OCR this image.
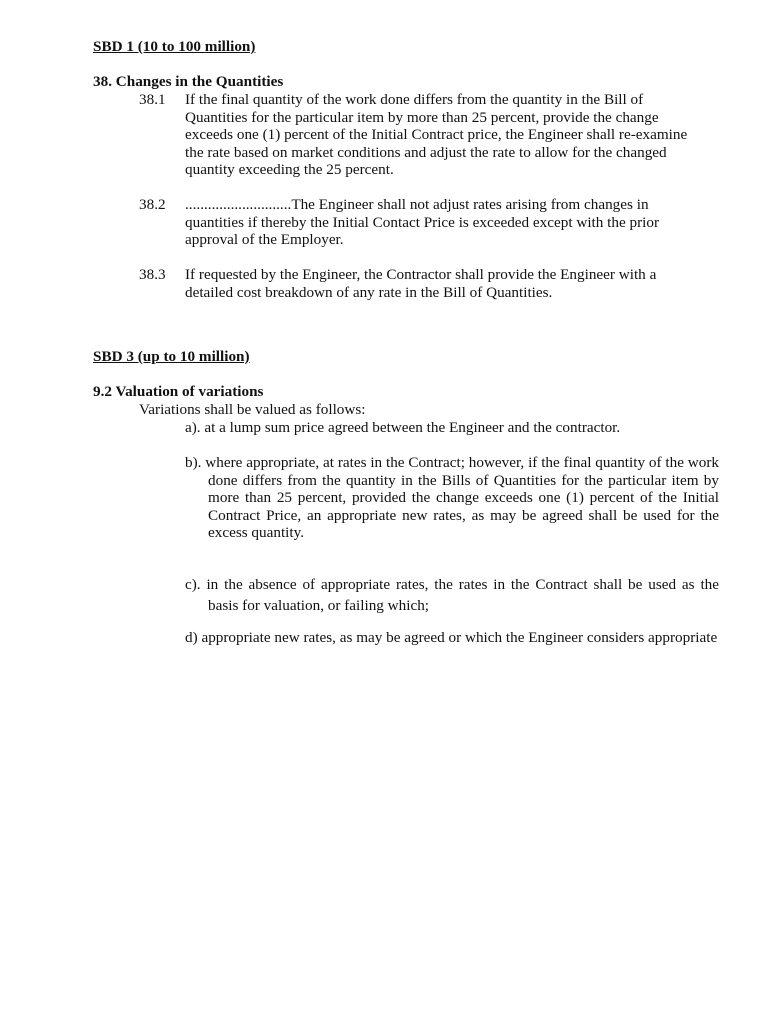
SBD 1 (10 to 100 million)
38. Changes in the Quantities
38.1 If the final quantity of the work done differs from the quantity in the Bill of Quantities for the particular item by more than 25 percent, provide the change exceeds one (1) percent of the Initial Contract price, the Engineer shall re-examine the rate based on market conditions and adjust the rate to allow for the changed quantity exceeding the 25 percent.
38.2 ............................The Engineer shall not adjust rates arising from changes in quantities if thereby the Initial Contact Price is exceeded except with the prior approval of the Employer.
38.3 If requested by the Engineer, the Contractor shall provide the Engineer with a detailed cost breakdown of any rate in the Bill of Quantities.
SBD 3 (up to 10 million)
9.2 Valuation of variations
Variations shall be valued as follows:
a). at a lump sum price agreed between the Engineer and the contractor.
b). where appropriate, at rates in the Contract; however, if the final quantity of the work done differs from the quantity in the Bills of Quantities for the particular item by more than 25 percent, provided the change exceeds one (1) percent of the Initial Contract Price, an appropriate new rates, as may be agreed shall be used for the excess quantity.
c). in the absence of appropriate rates, the rates in the Contract shall be used as the basis for valuation, or failing which;
d) appropriate new rates, as may be agreed or which the Engineer considers appropriate
